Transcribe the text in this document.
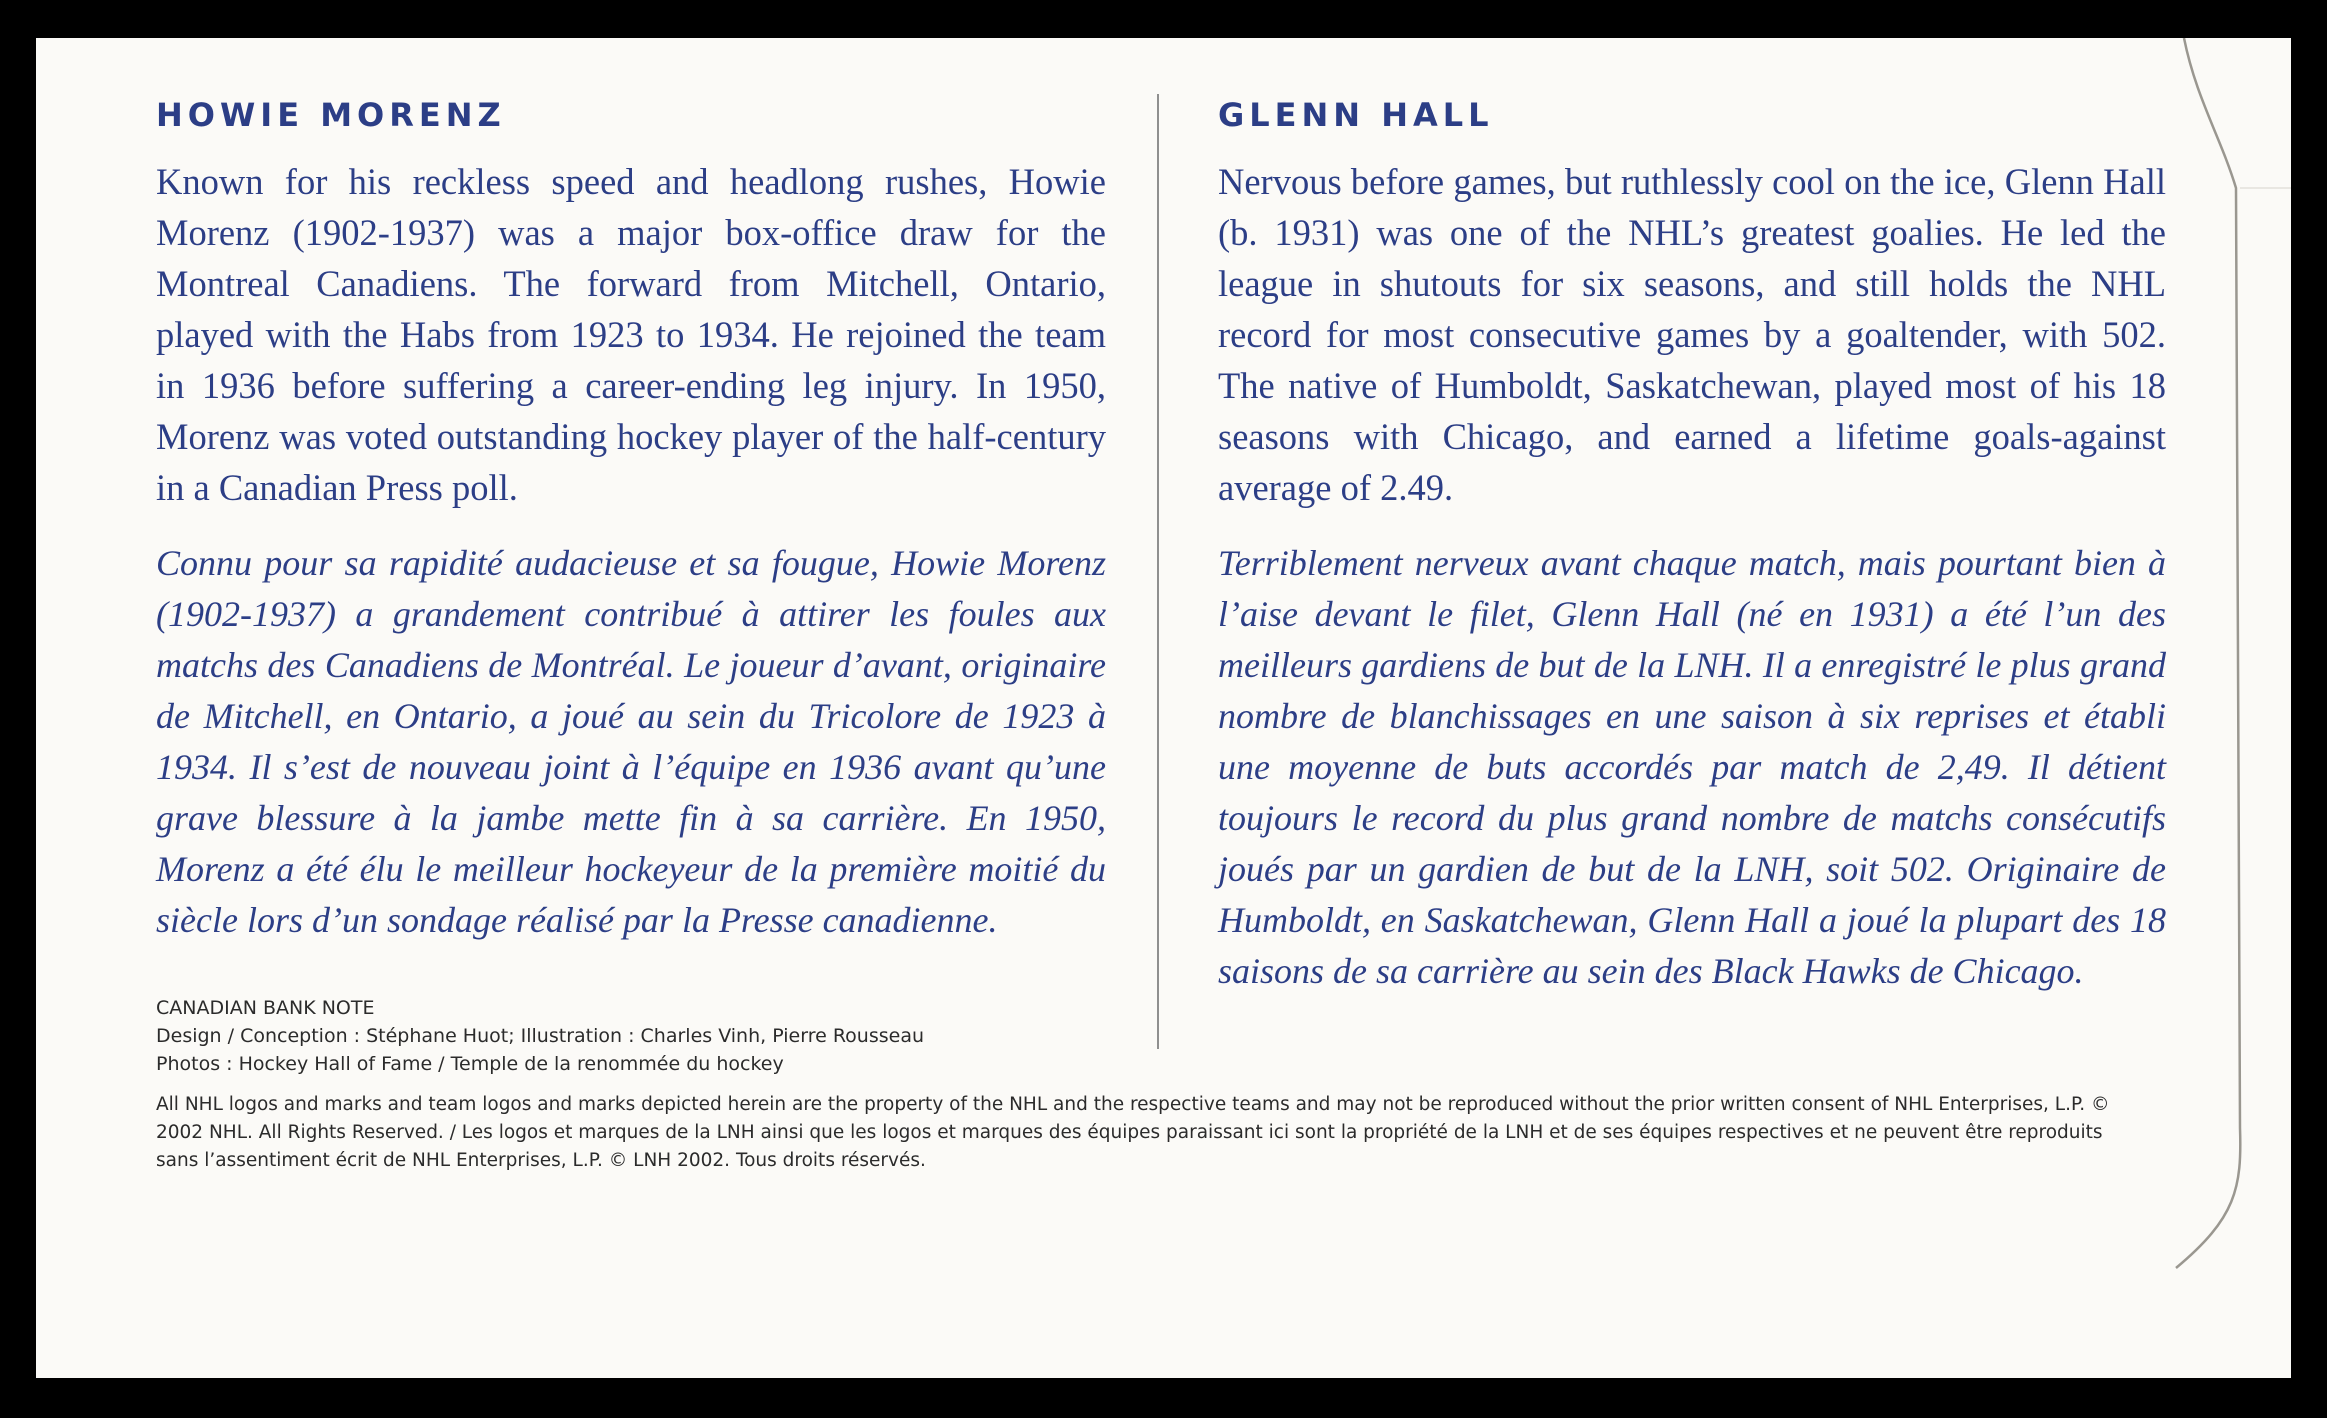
HOWIE MORENZ

Known for his reckless speed and headlong rushes, Howie Morenz (1902-1937) was a major box-office draw for the Montreal Canadiens. The forward from Mitchell, Ontario, played with the Habs from 1923 to 1934. He rejoined the team in 1936 before suffering a career-ending leg injury. In 1950, Morenz was voted outstanding hockey player of the half-century in a Canadian Press poll.

Connu pour sa rapidité audacieuse et sa fougue, Howie Morenz (1902-1937) a grandement contribué à attirer les foules aux matchs des Canadiens de Montréal. Le joueur d’avant, originaire de Mitchell, en Ontario, a joué au sein du Tricolore de 1923 à 1934. Il s’est de nouveau joint à l’équipe en 1936 avant qu’une grave blessure à la jambe mette fin à sa carrière. En 1950, Morenz a été élu le meilleur hockeyeur de la première moitié du siècle lors d’un sondage réalisé par la Presse canadienne.

GLENN HALL

Nervous before games, but ruthlessly cool on the ice, Glenn Hall (b. 1931) was one of the NHL’s greatest goalies. He led the league in shutouts for six seasons, and still holds the NHL record for most consecutive games by a goaltender, with 502. The native of Humboldt, Saskatchewan, played most of his 18 seasons with Chicago, and earned a lifetime goals-against average of 2.49.

Terriblement nerveux avant chaque match, mais pourtant bien à l’aise devant le filet, Glenn Hall (né en 1931) a été l’un des meilleurs gardiens de but de la LNH. Il a enregistré le plus grand nombre de blanchissages en une saison à six reprises et établi une moyenne de buts accordés par match de 2,49. Il détient toujours le record du plus grand nombre de matchs consécutifs joués par un gardien de but de la LNH, soit 502. Originaire de Humboldt, en Saskatchewan, Glenn Hall a joué la plupart des 18 saisons de sa carrière au sein des Black Hawks de Chicago.

CANADIAN BANK NOTE
Design / Conception : Stéphane Huot; Illustration : Charles Vinh, Pierre Rousseau
Photos : Hockey Hall of Fame / Temple de la renommée du hockey
All NHL logos and marks and team logos and marks depicted herein are the property of the NHL and the respective teams and may not be reproduced without the prior written consent of NHL Enterprises, L.P. © 2002 NHL. All Rights Reserved. / Les logos et marques de la LNH ainsi que les logos et marques des équipes paraissant ici sont la propriété de la LNH et de ses équipes respectives et ne peuvent être reproduits sans l’assentiment écrit de NHL Enterprises, L.P. © LNH 2002. Tous droits réservés.
